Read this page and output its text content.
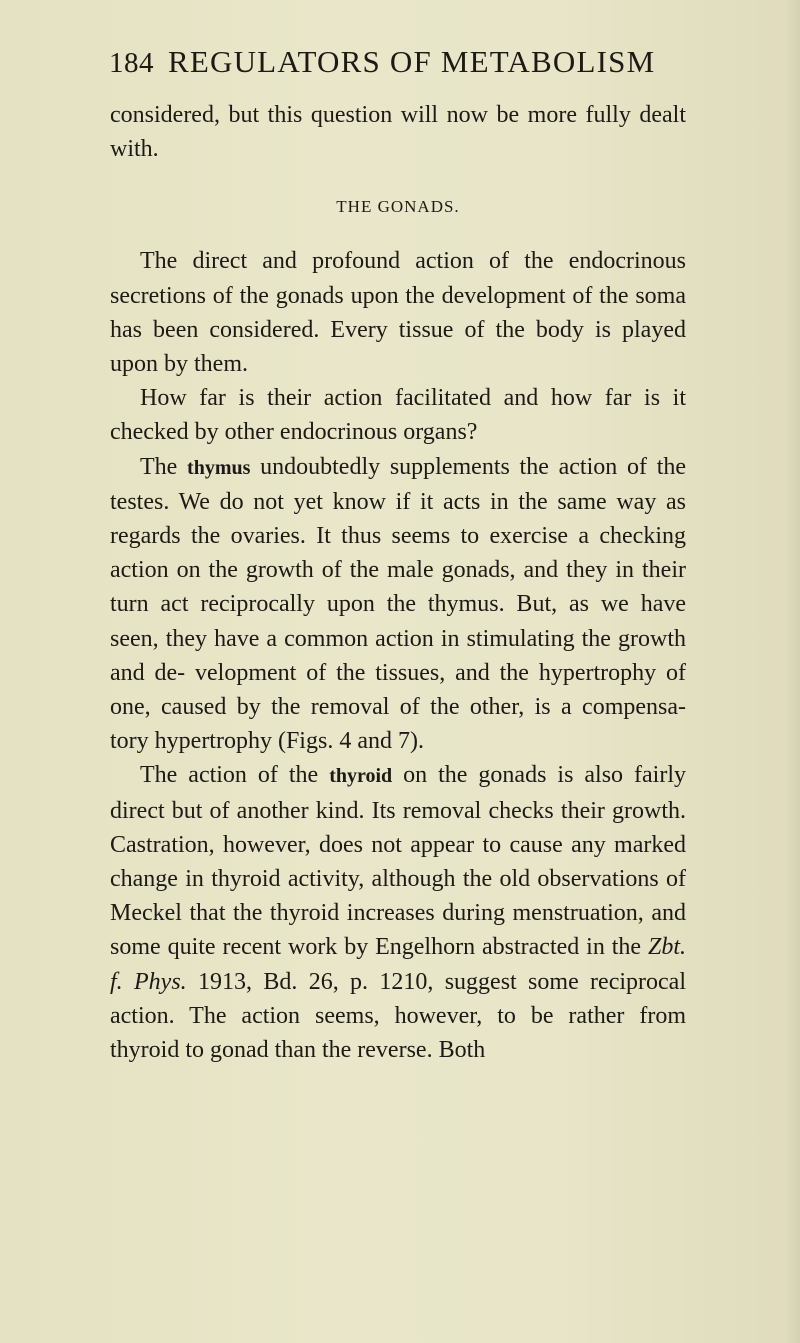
184 REGULATORS OF METABOLISM

considered, but this question will now be more fully dealt with.

THE GONADS.

The direct and profound action of the endocrinous secretions of the gonads upon the development of the soma has been considered. Every tissue of the body is played upon by them.

How far is their action facilitated and how far is it checked by other endocrinous organs?

The thymus undoubtedly supplements the action of the testes. We do not yet know if it acts in the same way as regards the ovaries. It thus seems to exercise a checking action on the growth of the male gonads, and they in their turn act reciprocally upon the thymus. But, as we have seen, they have a common action in stimulating the growth and de- velopment of the tissues, and the hypertrophy of one, caused by the removal of the other, is a compensa- tory hypertrophy (Figs. 4 and 7).

The action of the thyroid on the gonads is also fairly direct but of another kind. Its removal checks their growth. Castration, however, does not appear to cause any marked change in thyroid activity, although the old observations of Meckel that the thyroid increases during menstruation, and some quite recent work by Engelhorn abstracted in the Zbt. f. Phys. 1913, Bd. 26, p. 1210, suggest some reciprocal action. The action seems, however, to be rather from thyroid to gonad than the reverse. Both
